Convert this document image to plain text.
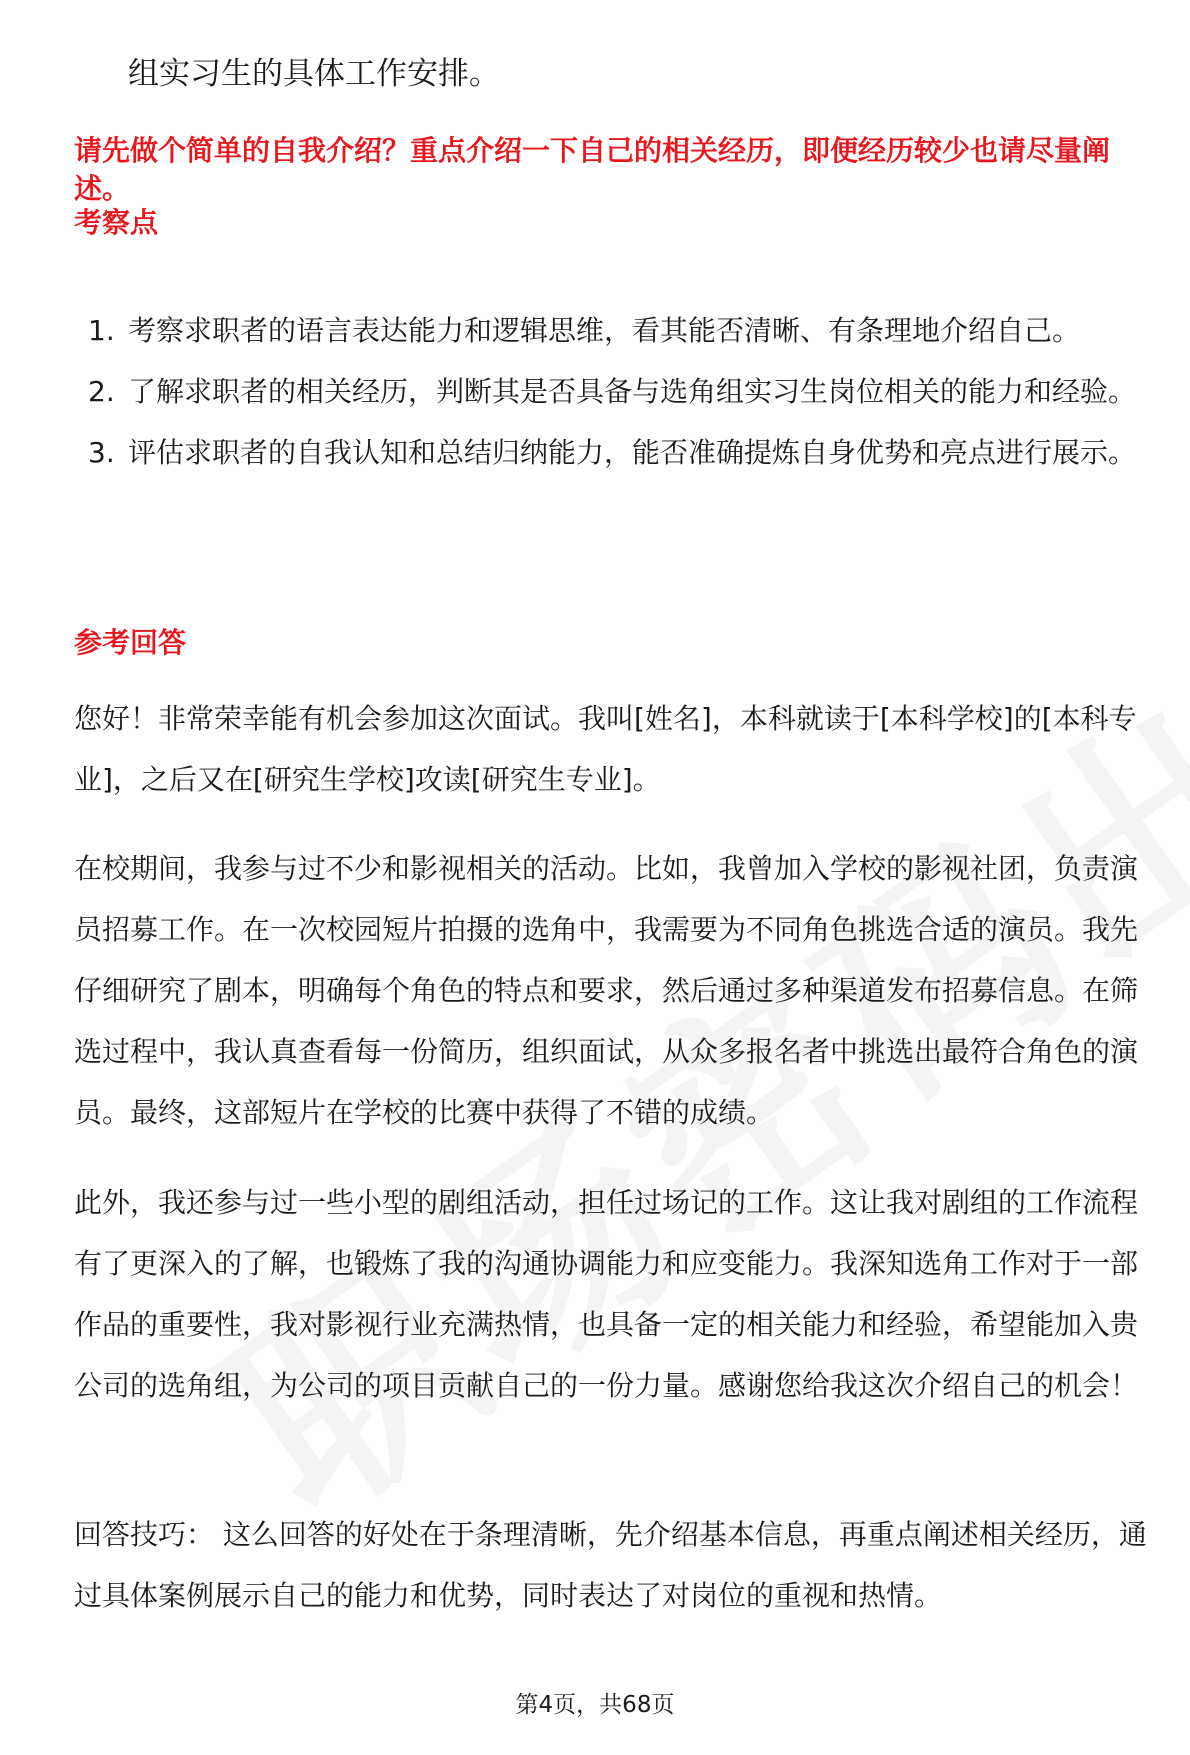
组实习生的具体工作安排。
请先做个简单的自我介绍？重点介绍一下自己的相关经历，即便经历较少也请尽量阐述。
考察点
1. 考察求职者的语言表达能力和逻辑思维，看其能否清晰、有条理地介绍自己。
2. 了解求职者的相关经历，判断其是否具备与选角组实习生岗位相关的能力和经验。
3. 评估求职者的自我认知和总结归纳能力，能否准确提炼自身优势和亮点进行展示。
参考回答

您好！非常荣幸能有机会参加这次面试。我叫[姓名]，本科就读于[本科学校]的[本科专业]，之后又在[研究生学校]攻读[研究生专业]。

在校期间，我参与过不少和影视相关的活动。比如，我曾加入学校的影视社团，负责演员招募工作。在一次校园短片拍摄的选角中，我需要为不同角色挑选合适的演员。我先仔细研究了剧本，明确每个角色的特点和要求，然后通过多种渠道发布招募信息。在筛选过程中，我认真查看每一份简历，组织面试，从众多报名者中挑选出最符合角色的演员。最终，这部短片在学校的比赛中获得了不错的成绩。

此外，我还参与过一些小型的剧组活动，担任过场记的工作。这让我对剧组的工作流程有了更深入的了解，也锻炼了我的沟通协调能力和应变能力。我深知选角工作对于一部作品的重要性，我对影视行业充满热情，也具备一定的相关能力和经验，希望能加入贵公司的选角组，为公司的项目贡献自己的一份力量。感谢您给我这次介绍自己的机会！

回答技巧： 这么回答的好处在于条理清晰，先介绍基本信息，再重点阐述相关经历，通过具体案例展示自己的能力和优势，同时表达了对岗位的重视和热情。

第4页，共68页
